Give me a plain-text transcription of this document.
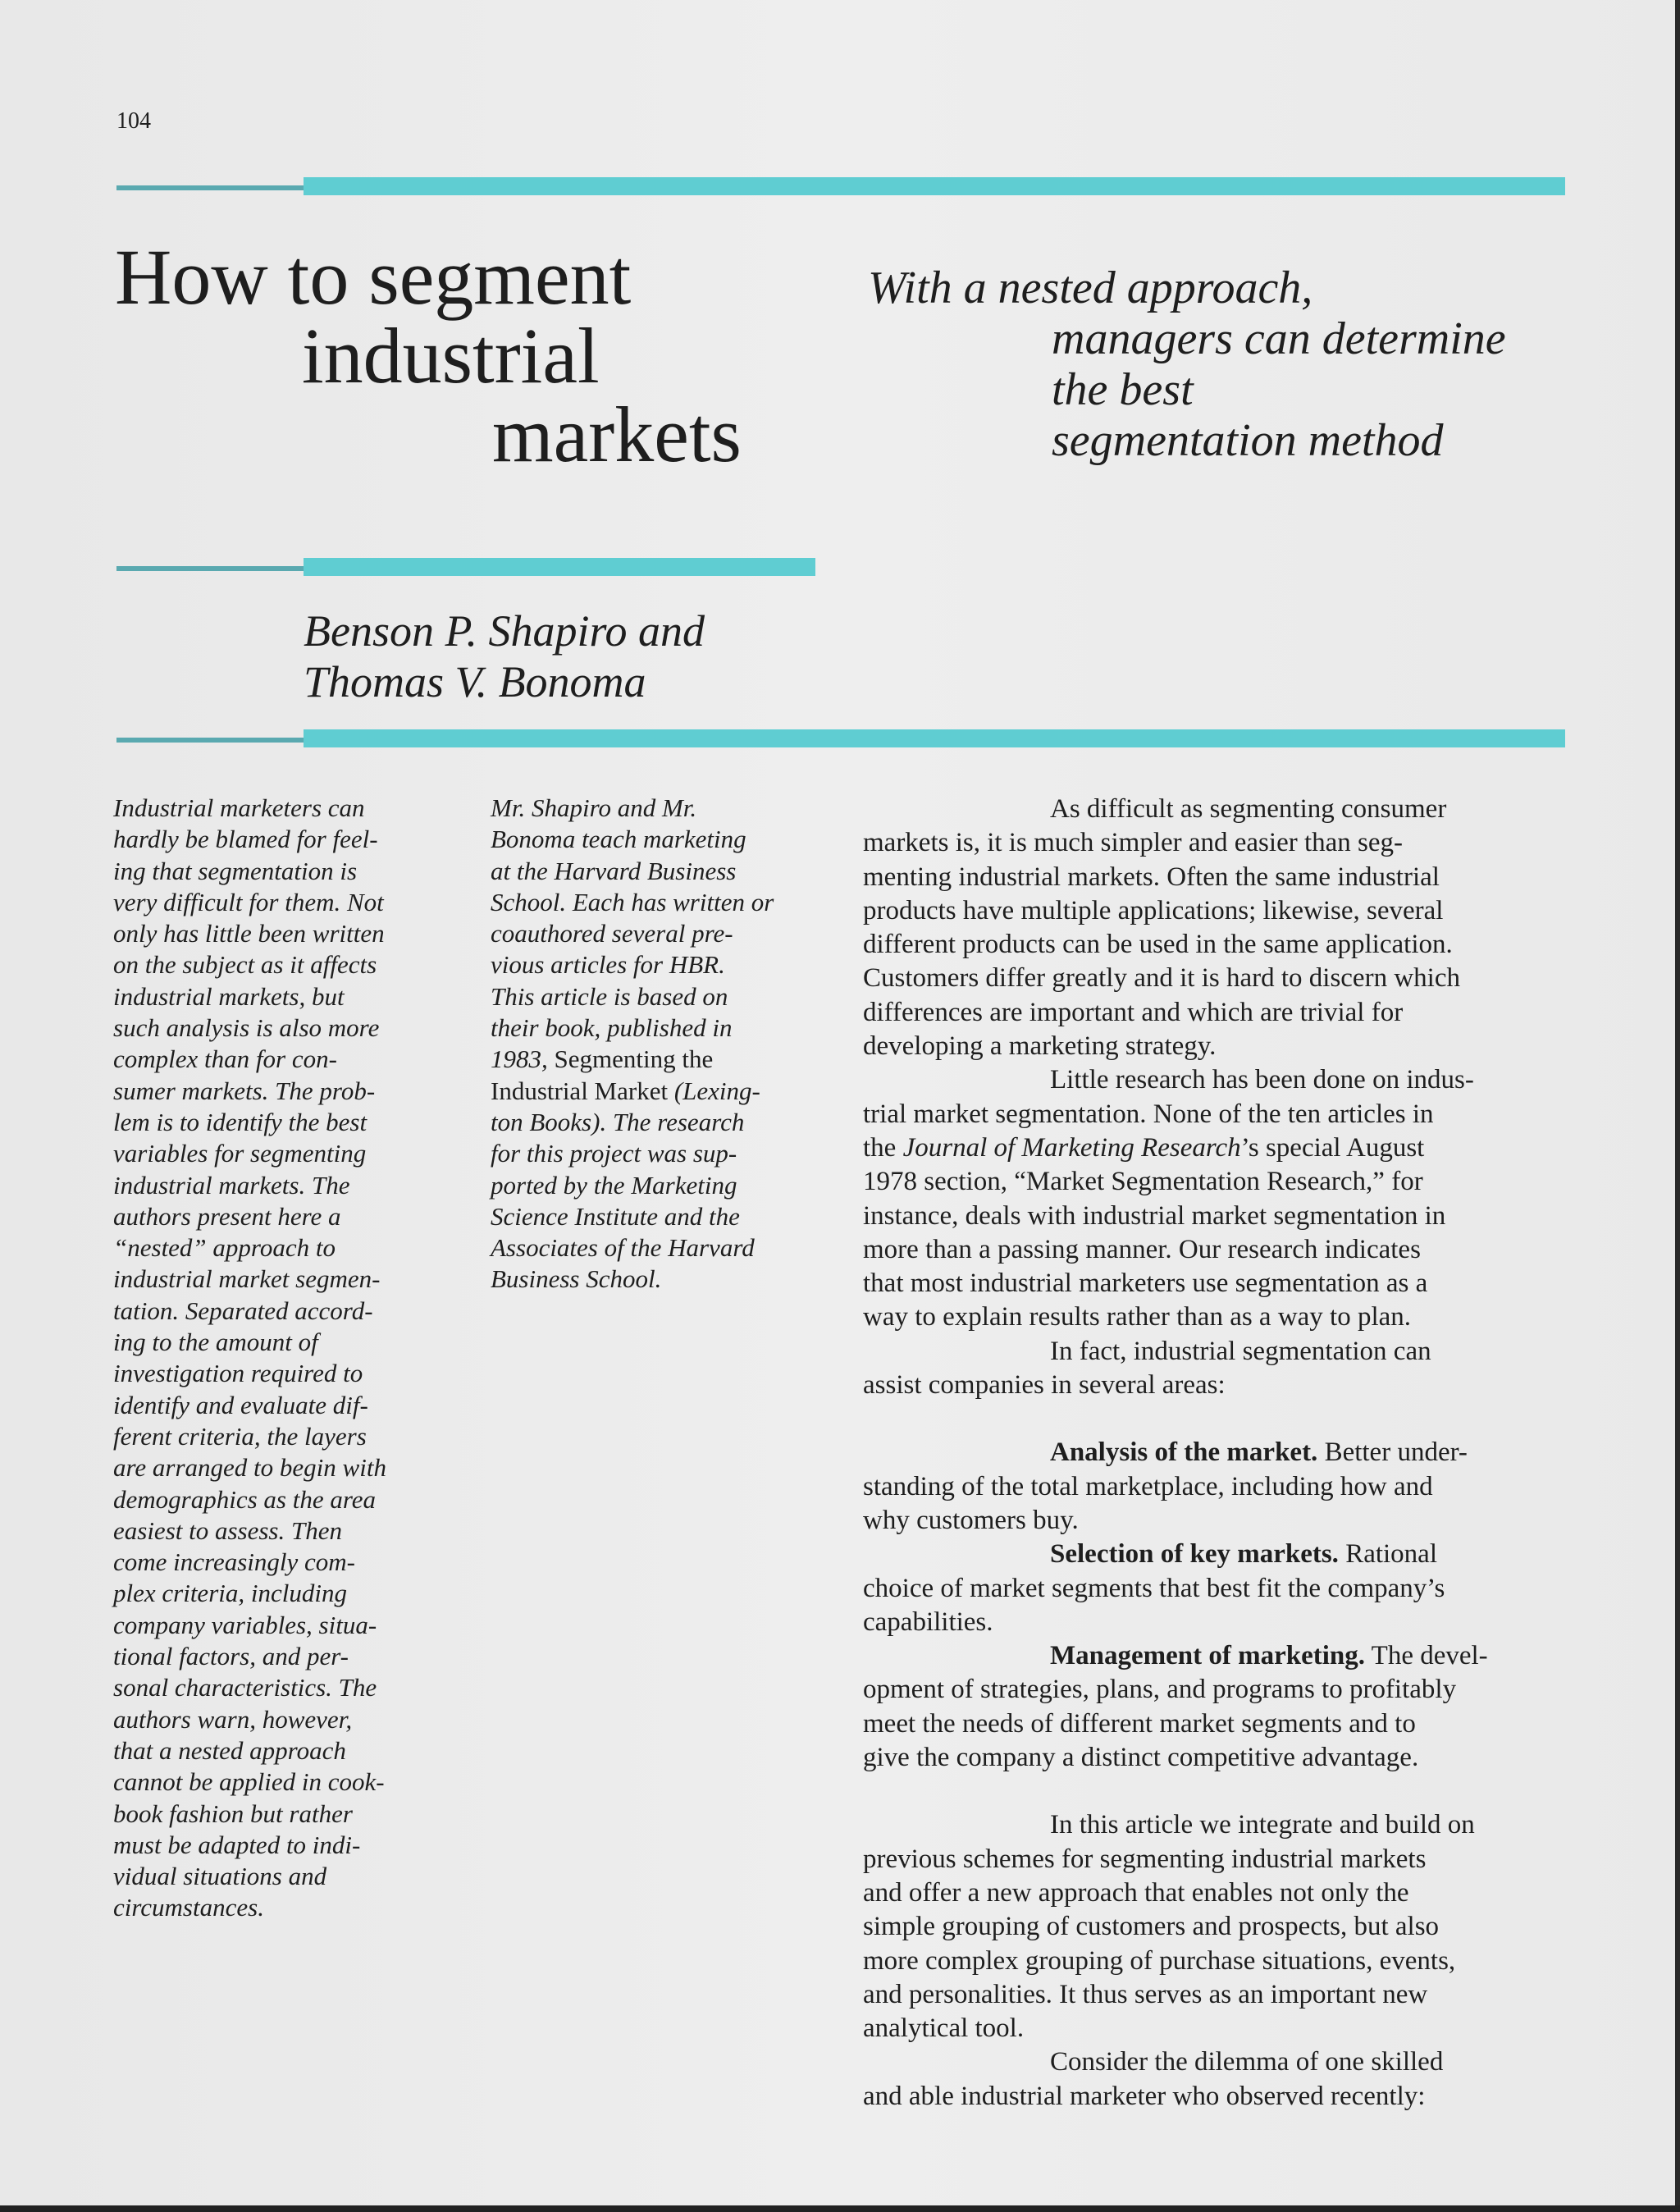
104
How to segment
industrial
markets
With a nested approach,
managers can determine
the best
segmentation method
Benson P. Shapiro and
Thomas V. Bonoma
Industrial marketers can
hardly be blamed for feel-
ing that segmentation is
very difficult for them. Not
only has little been written
on the subject as it affects
industrial markets, but
such analysis is also more
complex than for con-
sumer markets. The prob-
lem is to identify the best
variables for segmenting
industrial markets. The
authors present here a
“nested” approach to
industrial market segmen-
tation. Separated accord-
ing to the amount of
investigation required to
identify and evaluate dif-
ferent criteria, the layers
are arranged to begin with
demographics as the area
easiest to assess. Then
come increasingly com-
plex criteria, including
company variables, situa-
tional factors, and per-
sonal characteristics. The
authors warn, however,
that a nested approach
cannot be applied in cook-
book fashion but rather
must be adapted to indi-
vidual situations and
circumstances.
Mr. Shapiro and Mr.
Bonoma teach marketing
at the Harvard Business
School. Each has written or
coauthored several pre-
vious articles for HBR.
This article is based on
their book, published in
1983, Segmenting the
Industrial Market (Lexing-
ton Books). The research
for this project was sup-
ported by the Marketing
Science Institute and the
Associates of the Harvard
Business School.
As difficult as segmenting consumer
markets is, it is much simpler and easier than seg-
menting industrial markets. Often the same industrial
products have multiple applications; likewise, several
different products can be used in the same application.
Customers differ greatly and it is hard to discern which
differences are important and which are trivial for
developing a marketing strategy.
Little research has been done on indus-
trial market segmentation. None of the ten articles in
the Journal of Marketing Research’s special August
1978 section, “Market Segmentation Research,” for
instance, deals with industrial market segmentation in
more than a passing manner. Our research indicates
that most industrial marketers use segmentation as a
way to explain results rather than as a way to plan.
In fact, industrial segmentation can
assist companies in several areas:
Analysis of the market. Better under-
standing of the total marketplace, including how and
why customers buy.
Selection of key markets. Rational
choice of market segments that best fit the company’s
capabilities.
Management of marketing. The devel-
opment of strategies, plans, and programs to profitably
meet the needs of different market segments and to
give the company a distinct competitive advantage.
In this article we integrate and build on
previous schemes for segmenting industrial markets
and offer a new approach that enables not only the
simple grouping of customers and prospects, but also
more complex grouping of purchase situations, events,
and personalities. It thus serves as an important new
analytical tool.
Consider the dilemma of one skilled
and able industrial marketer who observed recently:
